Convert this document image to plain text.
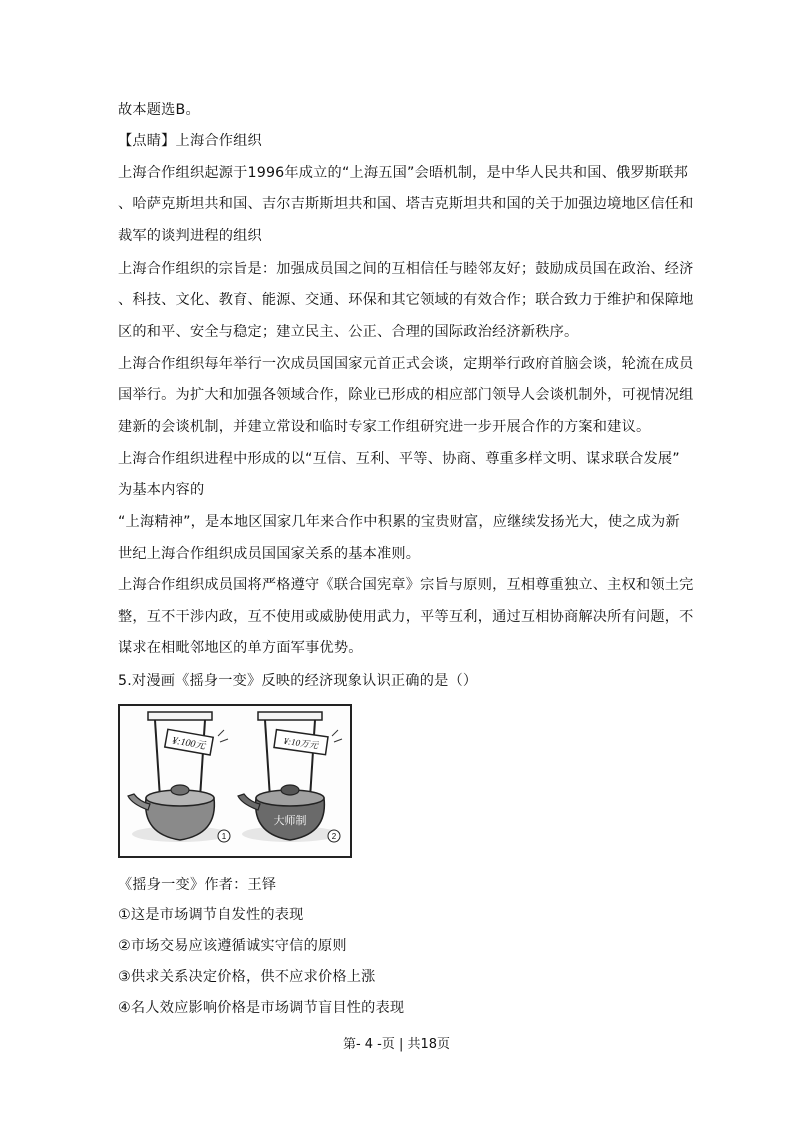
故本题选B。
【点睛】上海合作组织
上海合作组织起源于1996年成立的“上海五国”会晤机制，是中华人民共和国、俄罗斯联邦
、哈萨克斯坦共和国、吉尔吉斯斯坦共和国、塔吉克斯坦共和国的关于加强边境地区信任和
裁军的谈判进程的组织
上海合作组织的宗旨是：加强成员国之间的互相信任与睦邻友好；鼓励成员国在政治、经济
、科技、文化、教育、能源、交通、环保和其它领域的有效合作；联合致力于维护和保障地
区的和平、安全与稳定；建立民主、公正、合理的国际政治经济新秩序。
上海合作组织每年举行一次成员国国家元首正式会谈，定期举行政府首脑会谈，轮流在成员
国举行。为扩大和加强各领域合作，除业已形成的相应部门领导人会谈机制外，可视情况组
建新的会谈机制，并建立常设和临时专家工作组研究进一步开展合作的方案和建议。
上海合作组织进程中形成的以“互信、互利、平等、协商、尊重多样文明、谋求联合发展”
为基本内容的
“上海精神”，是本地区国家几年来合作中积累的宝贵财富，应继续发扬光大，使之成为新
世纪上海合作组织成员国国家关系的基本准则。
上海合作组织成员国将严格遵守《联合国宪章》宗旨与原则，互相尊重独立、主权和领土完
整，互不干涉内政，互不使用或威胁使用武力，平等互利，通过互相协商解决所有问题，不
谋求在相毗邻地区的单方面军事优势。
5.对漫画《摇身一变》反映的经济现象认识正确的是（）
¥:100元
1
¥:10万元
大师制
2
《摇身一变》作者：王铎
①这是市场调节自发性的表现
②市场交易应该遵循诚实守信的原则
③供求关系决定价格，供不应求价格上涨
④名人效应影响价格是市场调节盲目性的表现
第- 4 -页 | 共18页
